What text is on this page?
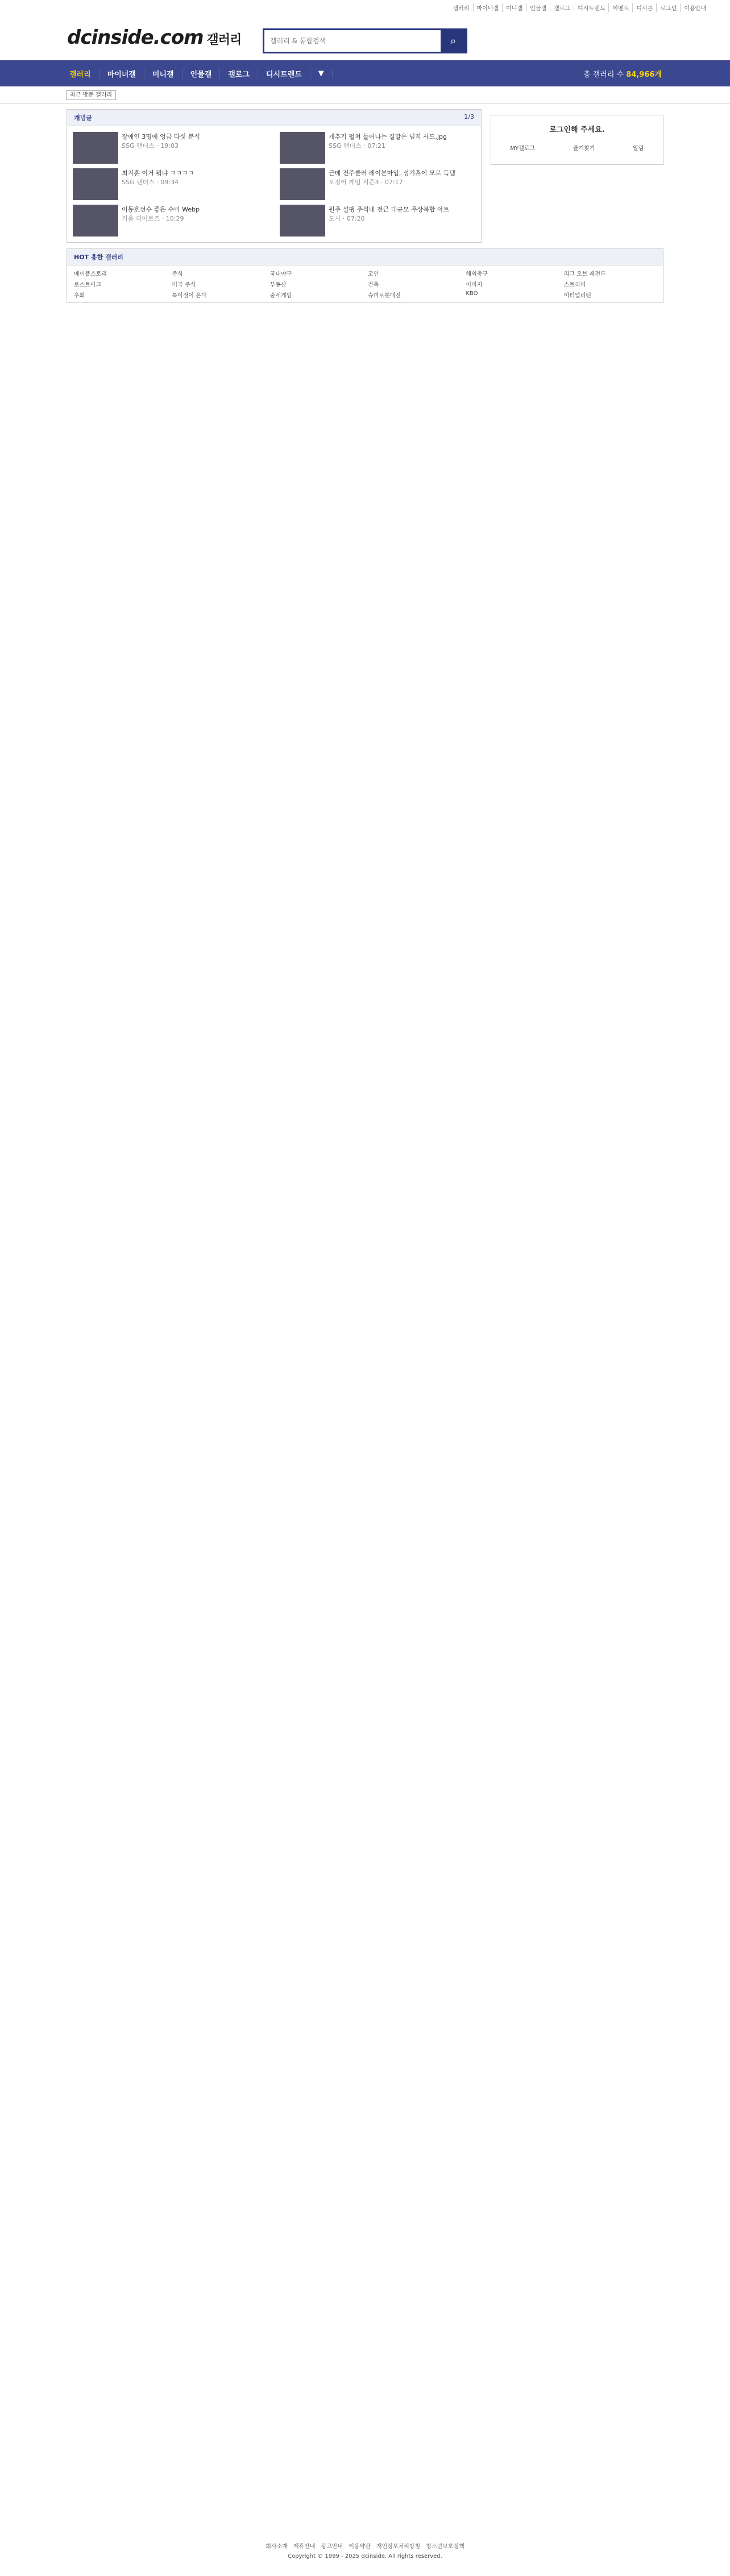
갤러리	마이너갤	미니갤	인물갤	갤로그	디시트렌드	이벤트	디시콘	로그인	이용안내
dcinside.com 갤러리
갤러리 & 통합검색	⌕
갤러리	마이너갤	미니갤	인물갤	갤로그	디시트렌드	▼	총 갤러리 수 84,966개
최근 방문 갤러리
개념글	1/3
장애인 3명에 엉금 다섯 분석
SSG 랜더스 · 19:03
개추기 펼쳐 들어나는 결말은 넘지 사드.jpg
SSG 랜더스 · 07:21
최지훈 이거 뭐냐 ㅋㅋㅋㅋ
SSG 랜더스 · 09:34
근데 전주클러 레이븐마입, 성기훈이 모르 득템
오징어 게임 시즌3 · 07:17
이동호선수 좋은 수비 Webp
키움 히어로즈 · 10:29
원주 설팽 주석내 전근 대규모 주상복합 아트
도시 · 07:20
로그인해 주세요.
MY갤로그	즐겨찾기	알림
HOT 흥한 갤러리
메이플스토리	주식	국내야구	코인	해외축구	리그 오브 레전드
로스트아크	미국 주식	부동산	건축	이미지	스트리머
우회	특이점이 온다	중세게임	슈퍼로봇대전	KBO	이터널리턴
회사소개 제휴안내 광고안내 이용약관 개인정보처리방침 청소년보호정책
Copyright © 1999 - 2025 dcinside. All rights reserved.
